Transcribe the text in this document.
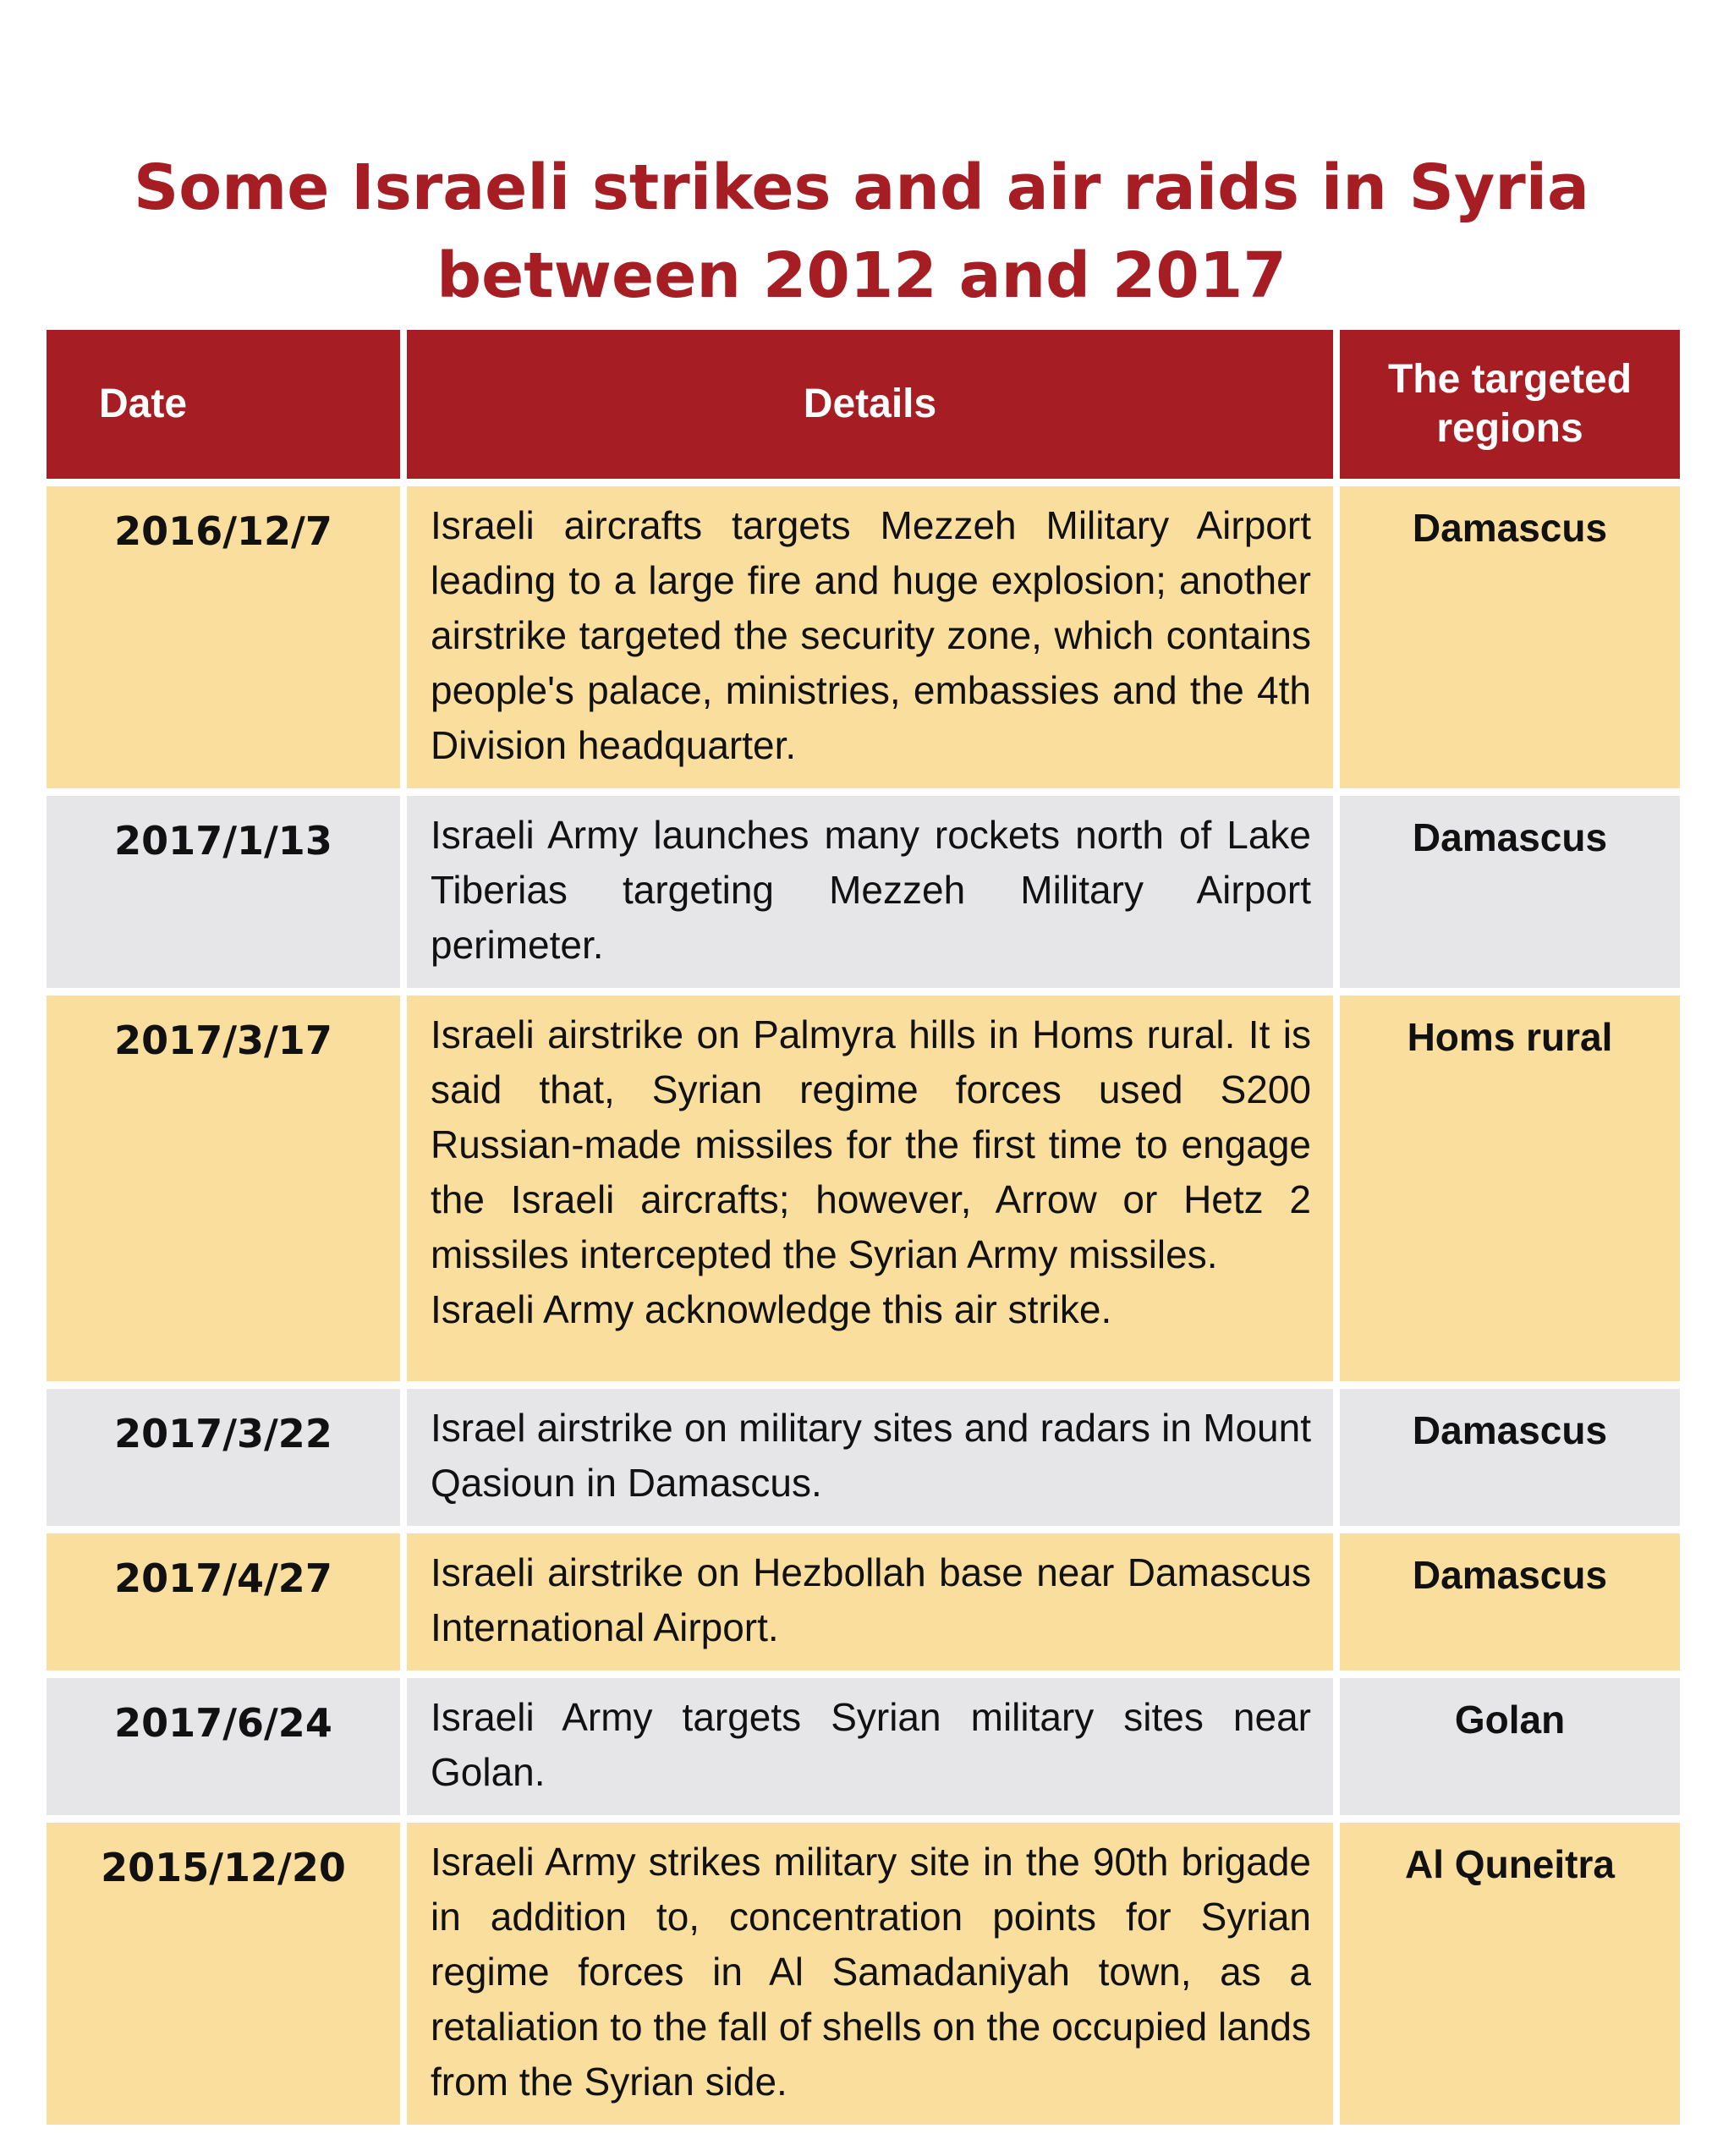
Some Israeli strikes and air raids in Syria
between 2012 and 2017
Date	Details	The targeted
regions

2016/12/7	Israeli aircrafts targets Mezzeh Military Airport leading to a large fire and huge explosion; another airstrike targeted the security zone, which contains people's palace, ministries, embassies and the 4th Division headquarter.	Damascus
2017/1/13	Israeli Army launches many rockets north of Lake Tiberias targeting Mezzeh Military Airport perimeter.	Damascus
2017/3/17	Israeli airstrike on Palmyra hills in Homs rural. It is said that, Syrian regime forces used S200 Russian-made missiles for the first time to engage the Israeli aircrafts; however, Arrow or Hetz 2 missiles intercepted the Syrian Army missiles.
Israeli Army acknowledge this air strike.	Homs rural
2017/3/22	Israel airstrike on military sites and radars in Mount Qasioun in Damascus.	Damascus
2017/4/27	Israeli airstrike on Hezbollah base near Damascus International Airport.	Damascus
2017/6/24	Israeli Army targets Syrian military sites near Golan.	Golan
2015/12/20	Israeli Army strikes military site in the 90th brigade in addition to, concentration points for Syrian regime forces in Al Samadaniyah town, as a retaliation to the fall of shells on the occupied lands from the Syrian side.	Al Quneitra
